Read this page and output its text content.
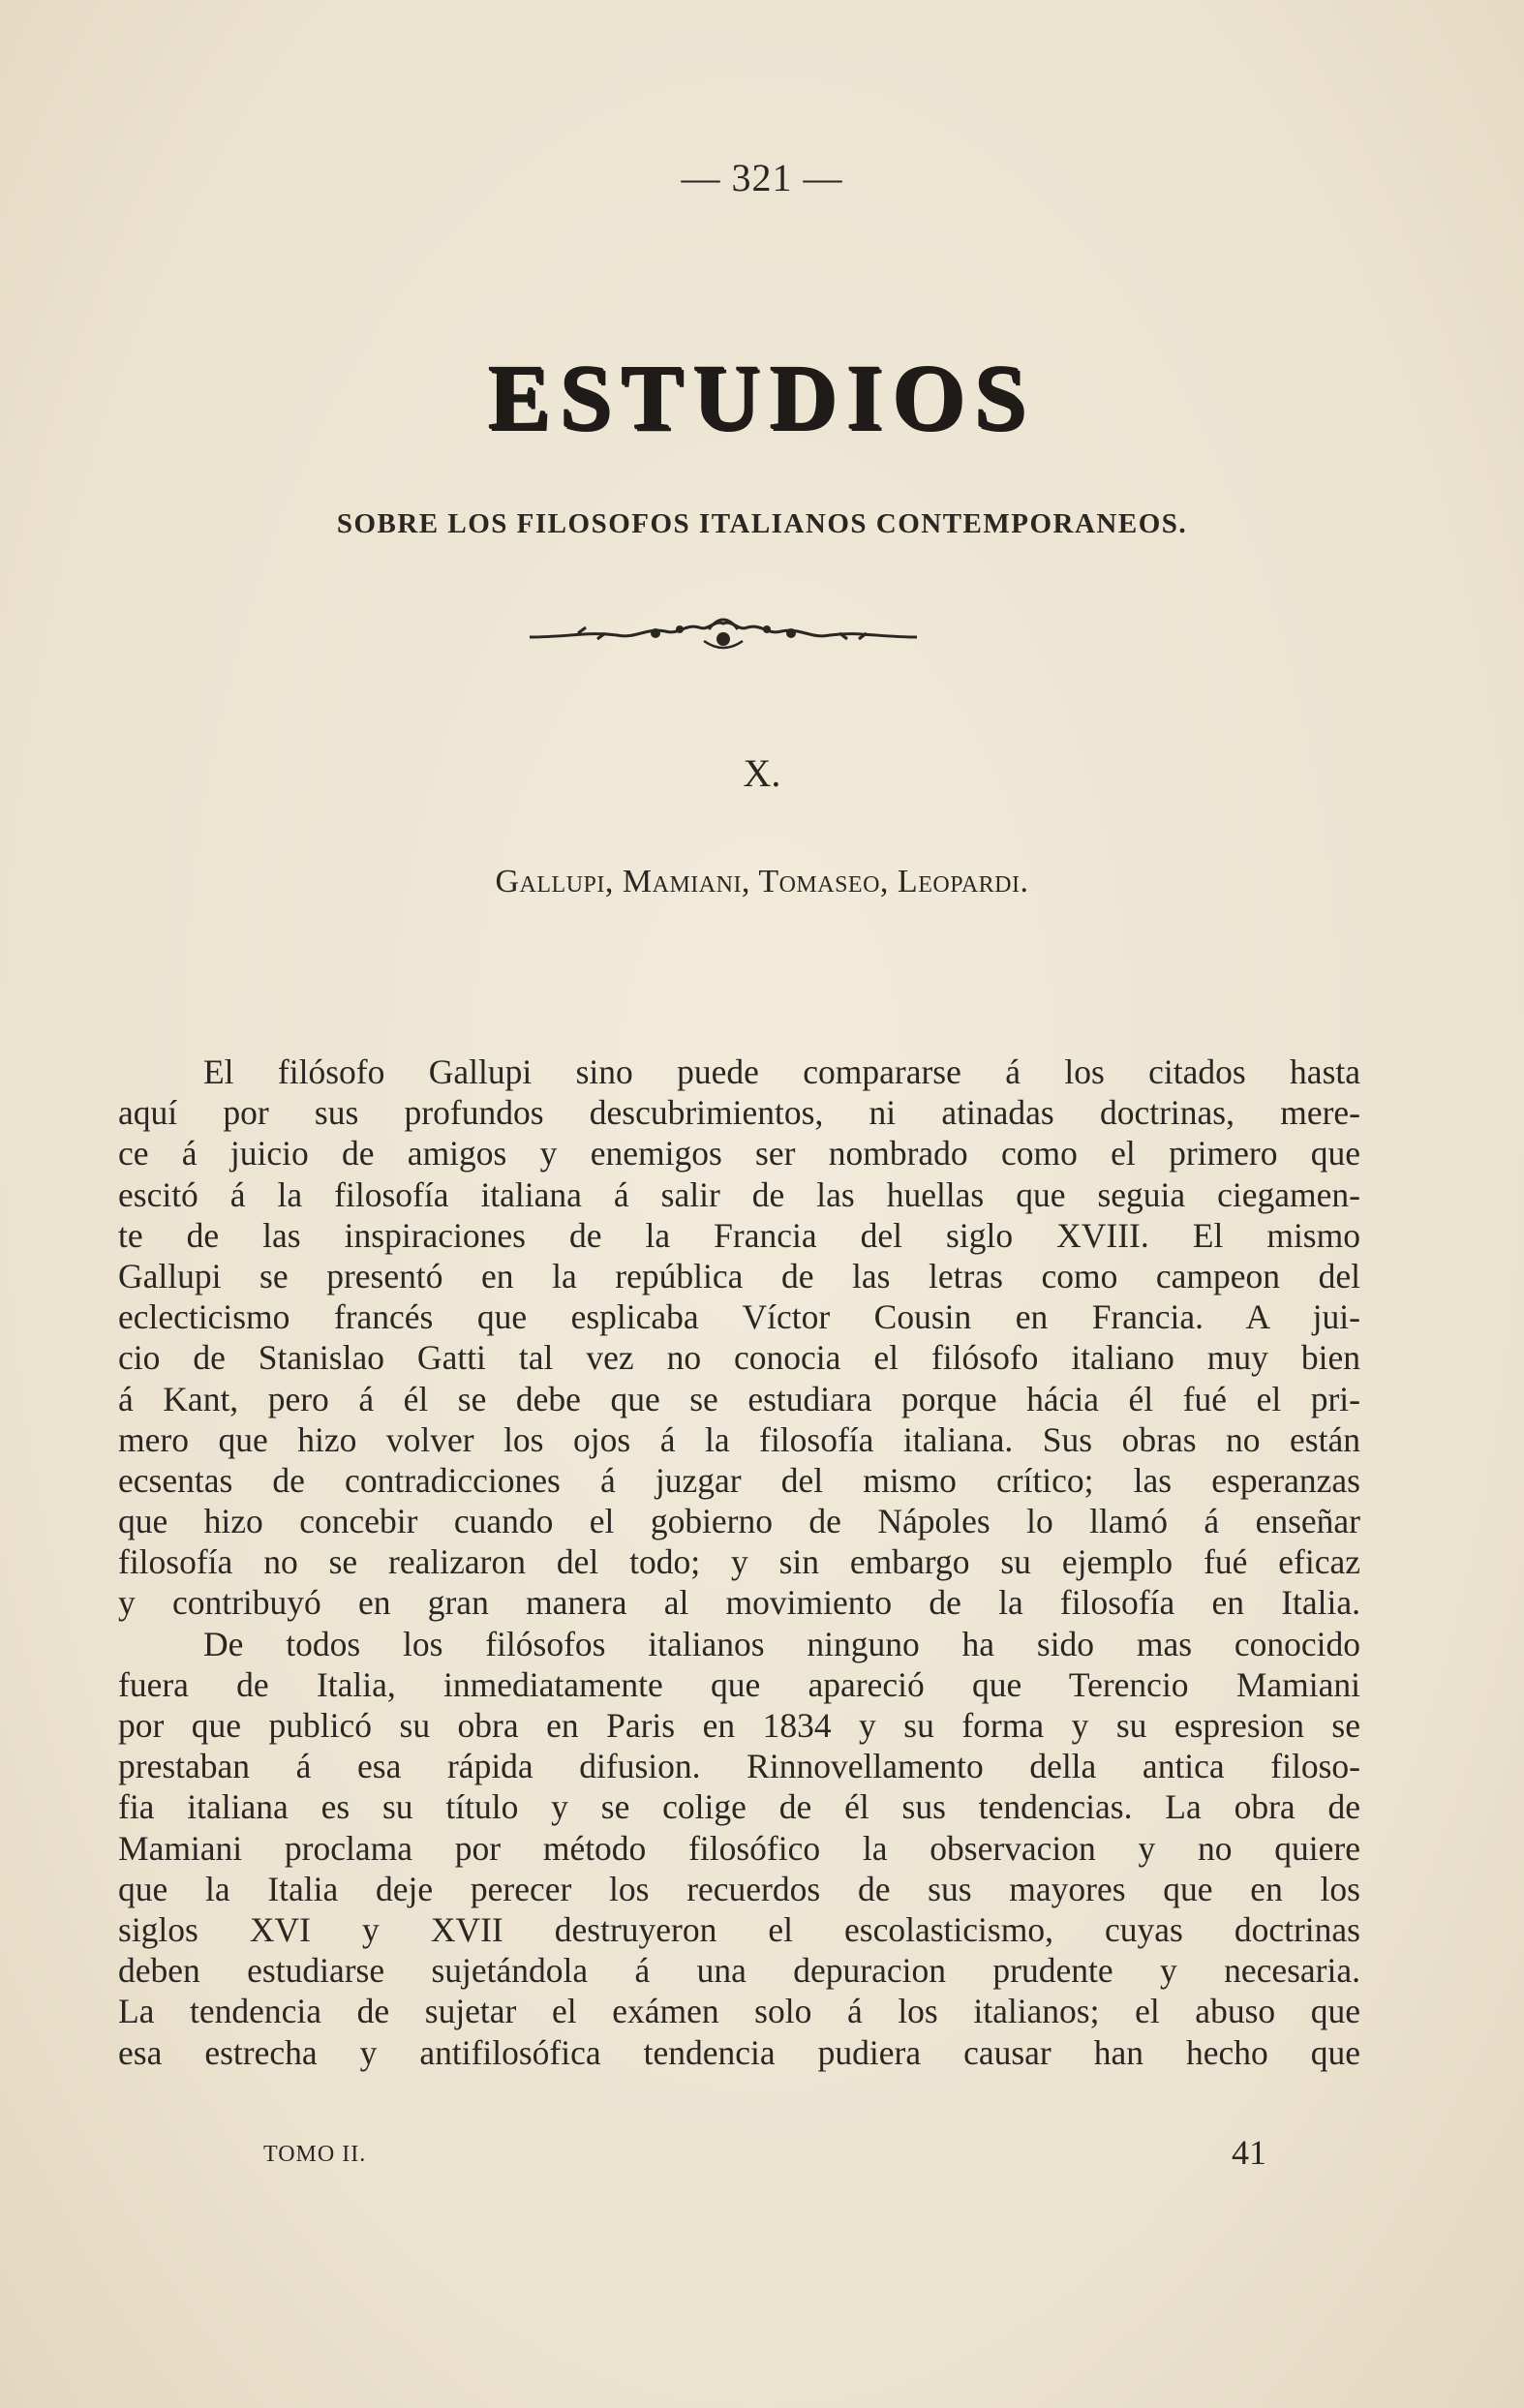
— 321 —
ESTUDIOS
SOBRE LOS FILOSOFOS ITALIANOS CONTEMPORANEOS.
X.
Gallupi, Mamiani, Tomaseo, Leopardi.
El filósofo Gallupi sino puede compararse á los citados hasta
aquí por sus profundos descubrimientos, ni atinadas doctrinas, mere-
ce á juicio de amigos y enemigos ser nombrado como el primero que
escitó á la filosofía italiana á salir de las huellas que seguia ciegamen-
te de las inspiraciones de la Francia del siglo XVIII. El mismo
Gallupi se presentó en la república de las letras como campeon del
eclecticismo francés que esplicaba Víctor Cousin en Francia. A jui-
cio de Stanislao Gatti tal vez no conocia el filósofo italiano muy bien
á Kant, pero á él se debe que se estudiara porque hácia él fué el pri-
mero que hizo volver los ojos á la filosofía italiana. Sus obras no están
ecsentas de contradicciones á juzgar del mismo crítico; las esperanzas
que hizo concebir cuando el gobierno de Nápoles lo llamó á enseñar
filosofía no se realizaron del todo; y sin embargo su ejemplo fué eficaz
y contribuyó en gran manera al movimiento de la filosofía en Italia.
De todos los filósofos italianos ninguno ha sido mas conocido
fuera de Italia, inmediatamente que apareció que Terencio Mamiani
por que publicó su obra en Paris en 1834 y su forma y su espresion se
prestaban á esa rápida difusion. Rinnovellamento della antica filoso-
fia italiana es su título y se colige de él sus tendencias. La obra de
Mamiani proclama por método filosófico la observacion y no quiere
que la Italia deje perecer los recuerdos de sus mayores que en los
siglos XVI y XVII destruyeron el escolasticismo, cuyas doctrinas
deben estudiarse sujetándola á una depuracion prudente y necesaria.
La tendencia de sujetar el exámen solo á los italianos; el abuso que
esa estrecha y antifilosófica tendencia pudiera causar han hecho que
TOMO II.	41
